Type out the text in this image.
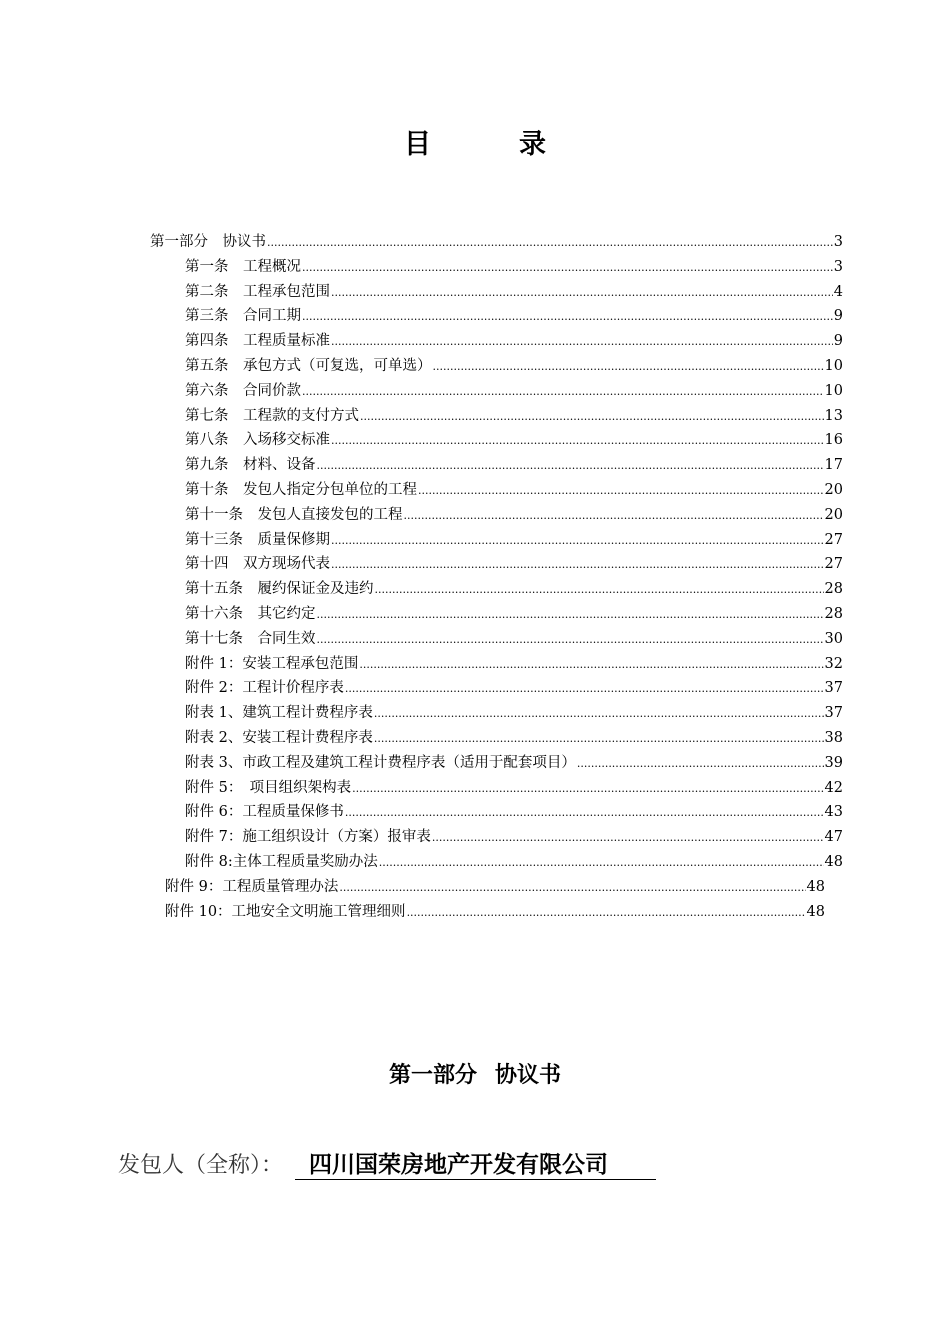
目	录
第一部分　协议书 .....	3
第一条　工程概况 .....	3
第二条　工程承包范围 .....	4
第三条　合同工期 .....	9
第四条　工程质量标准 .....	9
第五条　承包方式（可复选，可单选） .....	10
第六条　合同价款 .....	10
第七条　工程款的支付方式 .....	13
第八条　入场移交标准 .....	16
第九条　材料、设备 .....	17
第十条　发包人指定分包单位的工程 .....	20
第十一条　发包人直接发包的工程 .....	20
第十三条　质量保修期 .....	27
第十四　双方现场代表 .....	27
第十五条　履约保证金及违约 .....	28
第十六条　其它约定 .....	28
第十七条　合同生效 .....	30
附件 1：安装工程承包范围 .....	32
附件 2：工程计价程序表 .....	37
附表 1、建筑工程计费程序表 .....	37
附表 2、安装工程计费程序表 .....	38
附表 3、市政工程及建筑工程计费程序表（适用于配套项目） .....	39
附件 5：　项目组织架构表 .....	42
附件 6：工程质量保修书 .....	43
附件 7：施工组织设计（方案）报审表 .....	47
附件 8:主体工程质量奖励办法 .....	48
附件 9：工程质量管理办法 .....	48
附件 10：工地安全文明施工管理细则 .....	48
第一部分 协议书
发包人（全称）：	四川国荣房地产开发有限公司
